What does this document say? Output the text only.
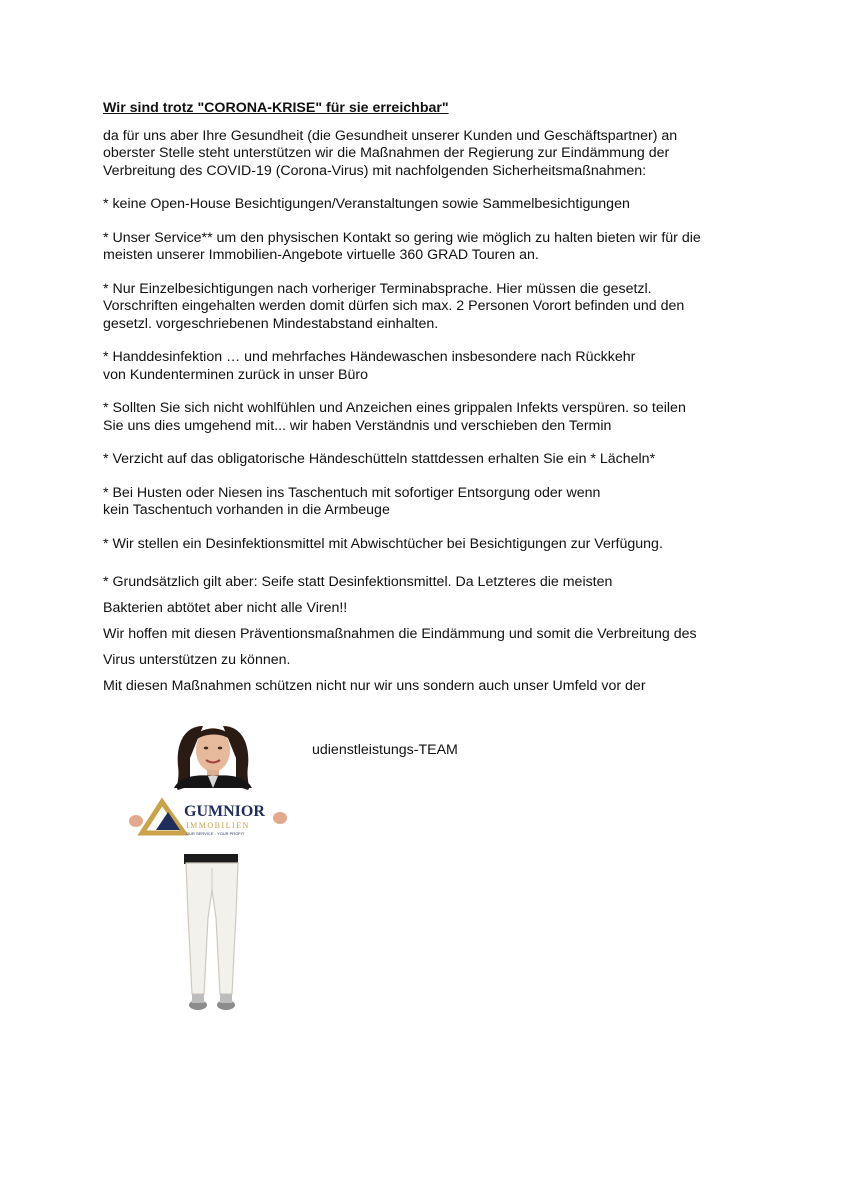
Wir sind trotz "CORONA-KRISE" für sie erreichbar"
da für uns aber Ihre Gesundheit (die Gesundheit unserer Kunden und Geschäftspartner) an
oberster Stelle steht unterstützen wir die Maßnahmen der Regierung zur Eindämmung der
Verbreitung des COVID-19 (Corona-Virus) mit nachfolgenden Sicherheitsmaßnahmen:
* keine Open-House Besichtigungen/Veranstaltungen sowie Sammelbesichtigungen
* Unser Service** um den physischen Kontakt so gering wie möglich zu halten bieten wir für die
meisten unserer Immobilien-Angebote virtuelle 360 GRAD Touren an.
* Nur Einzelbesichtigungen nach vorheriger Terminabsprache. Hier müssen die gesetzl.
Vorschriften eingehalten werden domit dürfen sich max. 2 Personen Vorort befinden und den
gesetzl. vorgeschriebenen Mindestabstand einhalten.
* Handdesinfektion … und mehrfaches Händewaschen insbesondere nach Rückkehr
von Kundenterminen zurück in unser Büro
* Sollten Sie sich nicht wohlfühlen und Anzeichen eines grippalen Infekts verspüren. so teilen
Sie uns dies umgehend mit... wir haben Verständnis und verschieben den Termin
* Verzicht auf das obligatorische Händeschütteln stattdessen erhalten Sie ein * Lächeln*
* Bei Husten oder Niesen ins Taschentuch mit sofortiger Entsorgung oder wenn
kein Taschentuch vorhanden in die Armbeuge
* Wir stellen ein Desinfektionsmittel mit Abwischtücher bei Besichtigungen zur Verfügung.
* Grundsätzlich gilt aber: Seife statt Desinfektionsmittel. Da Letzteres die meisten
Bakterien abtötet aber nicht alle Viren!!
Wir hoffen mit diesen Präventionsmaßnahmen die Eindämmung und somit die Verbreitung des
Virus unterstützen zu können.
Mit diesen Maßnahmen schützen nicht nur wir uns sondern auch unser Umfeld vor der
udienstleistungs-TEAM
GUMNIOR
IMMOBILIEN
OUR SERVICE - YOUR PROFIT
